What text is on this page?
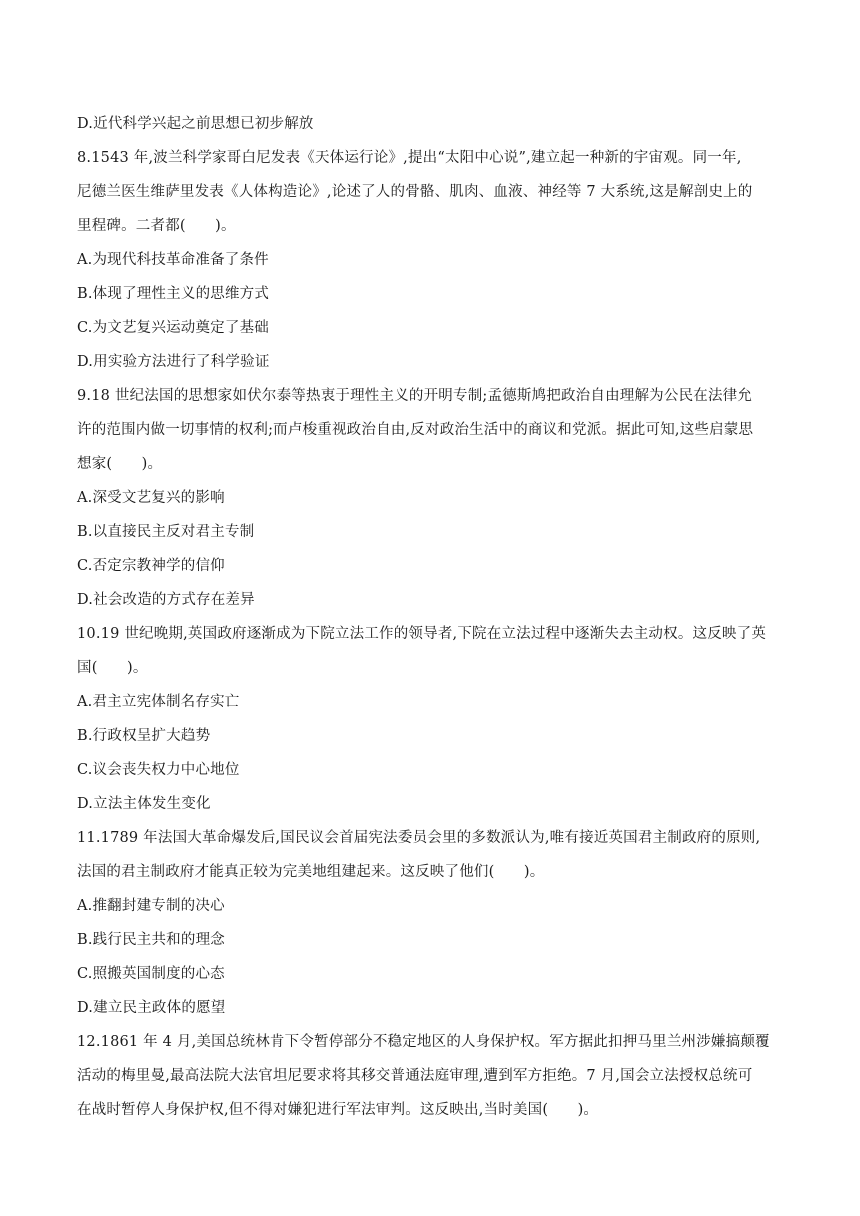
D.近代科学兴起之前思想已初步解放
8.1543 年,波兰科学家哥白尼发表《天体运行论》,提出“太阳中心说”,建立起一种新的宇宙观。同一年,
尼德兰医生维萨里发表《人体构造论》,论述了人的骨骼、肌肉、血液、神经等 7 大系统,这是解剖史上的
里程碑。二者都(　　)。
A.为现代科技革命准备了条件
B.体现了理性主义的思维方式
C.为文艺复兴运动奠定了基础
D.用实验方法进行了科学验证
9.18 世纪法国的思想家如伏尔泰等热衷于理性主义的开明专制;孟德斯鸠把政治自由理解为公民在法律允
许的范围内做一切事情的权利;而卢梭重视政治自由,反对政治生活中的商议和党派。据此可知,这些启蒙思
想家(　　)。
A.深受文艺复兴的影响
B.以直接民主反对君主专制
C.否定宗教神学的信仰
D.社会改造的方式存在差异
10.19 世纪晚期,英国政府逐渐成为下院立法工作的领导者,下院在立法过程中逐渐失去主动权。这反映了英
国(　　)。
A.君主立宪体制名存实亡
B.行政权呈扩大趋势
C.议会丧失权力中心地位
D.立法主体发生变化
11.1789 年法国大革命爆发后,国民议会首届宪法委员会里的多数派认为,唯有接近英国君主制政府的原则,
法国的君主制政府才能真正较为完美地组建起来。这反映了他们(　　)。
A.推翻封建专制的决心
B.践行民主共和的理念
C.照搬英国制度的心态
D.建立民主政体的愿望
12.1861 年 4 月,美国总统林肯下令暂停部分不稳定地区的人身保护权。军方据此扣押马里兰州涉嫌搞颠覆
活动的梅里曼,最高法院大法官坦尼要求将其移交普通法庭审理,遭到军方拒绝。7 月,国会立法授权总统可
在战时暂停人身保护权,但不得对嫌犯进行军法审判。这反映出,当时美国(　　)。
